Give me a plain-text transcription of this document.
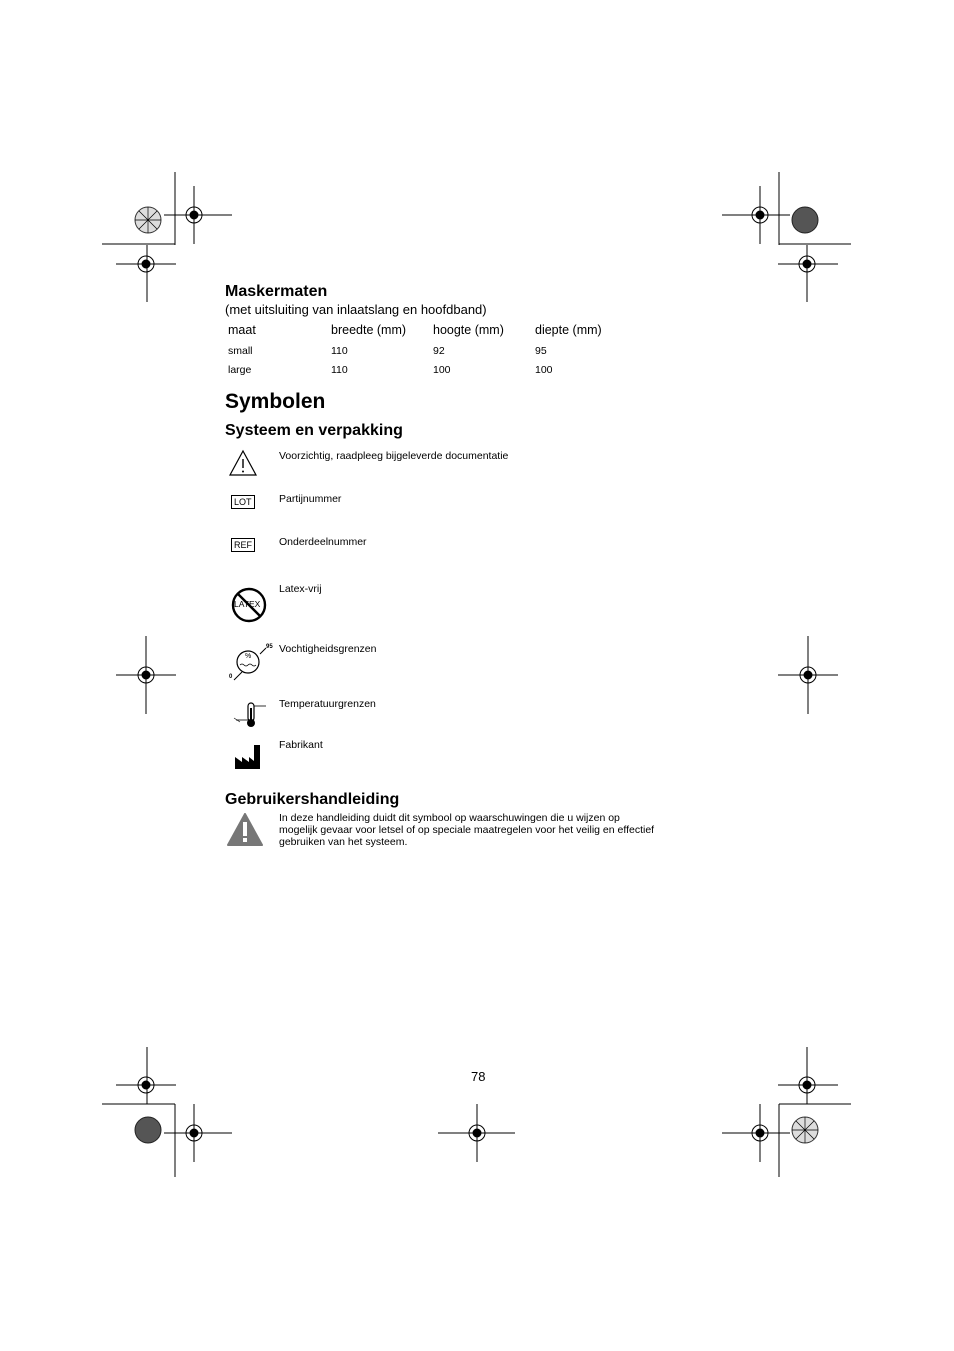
Maskermaten
(met uitsluiting van inlaatslang en hoofdband)
maat	breedte (mm) hoogte (mm) diepte (mm)
small	110	92	95
large	110	100	100
Symbolen
Systeem en verpakking
Voorzichtig, raadpleeg bijgeleverde documentatie
LOT	Partijnummer
REF	Onderdeelnummer
LATEX
Latex-vrij
%
95
0
Vochtigheidsgrenzen
Temperatuurgrenzen
Fabrikant
Gebruikershandleiding
In deze handleiding duidt dit symbool op waarschuwingen die u wijzen op mogelijk gevaar voor letsel of op speciale maatregelen voor het veilig en effectief gebruiken van het systeem.
78
